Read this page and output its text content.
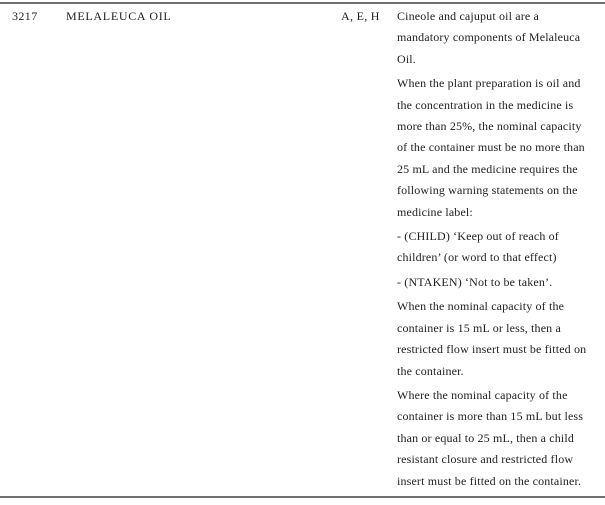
3217	MELALEUCA OIL	A, E, H	Cineole and cajuput oil are a mandatory components of Melaleuca Oil.

When the plant preparation is oil and the concentration in the medicine is more than 25%, the nominal capacity of the container must be no more than 25 mL and the medicine requires the following warning statements on the medicine label:

- (CHILD) ‘Keep out of reach of children’ (or word to that effect)

- (NTAKEN) ‘Not to be taken’.

When the nominal capacity of the container is 15 mL or less, then a restricted flow insert must be fitted on the container.

Where the nominal capacity of the container is more than 15 mL but less than or equal to 25 mL, then a child resistant closure and restricted flow insert must be fitted on the container.
